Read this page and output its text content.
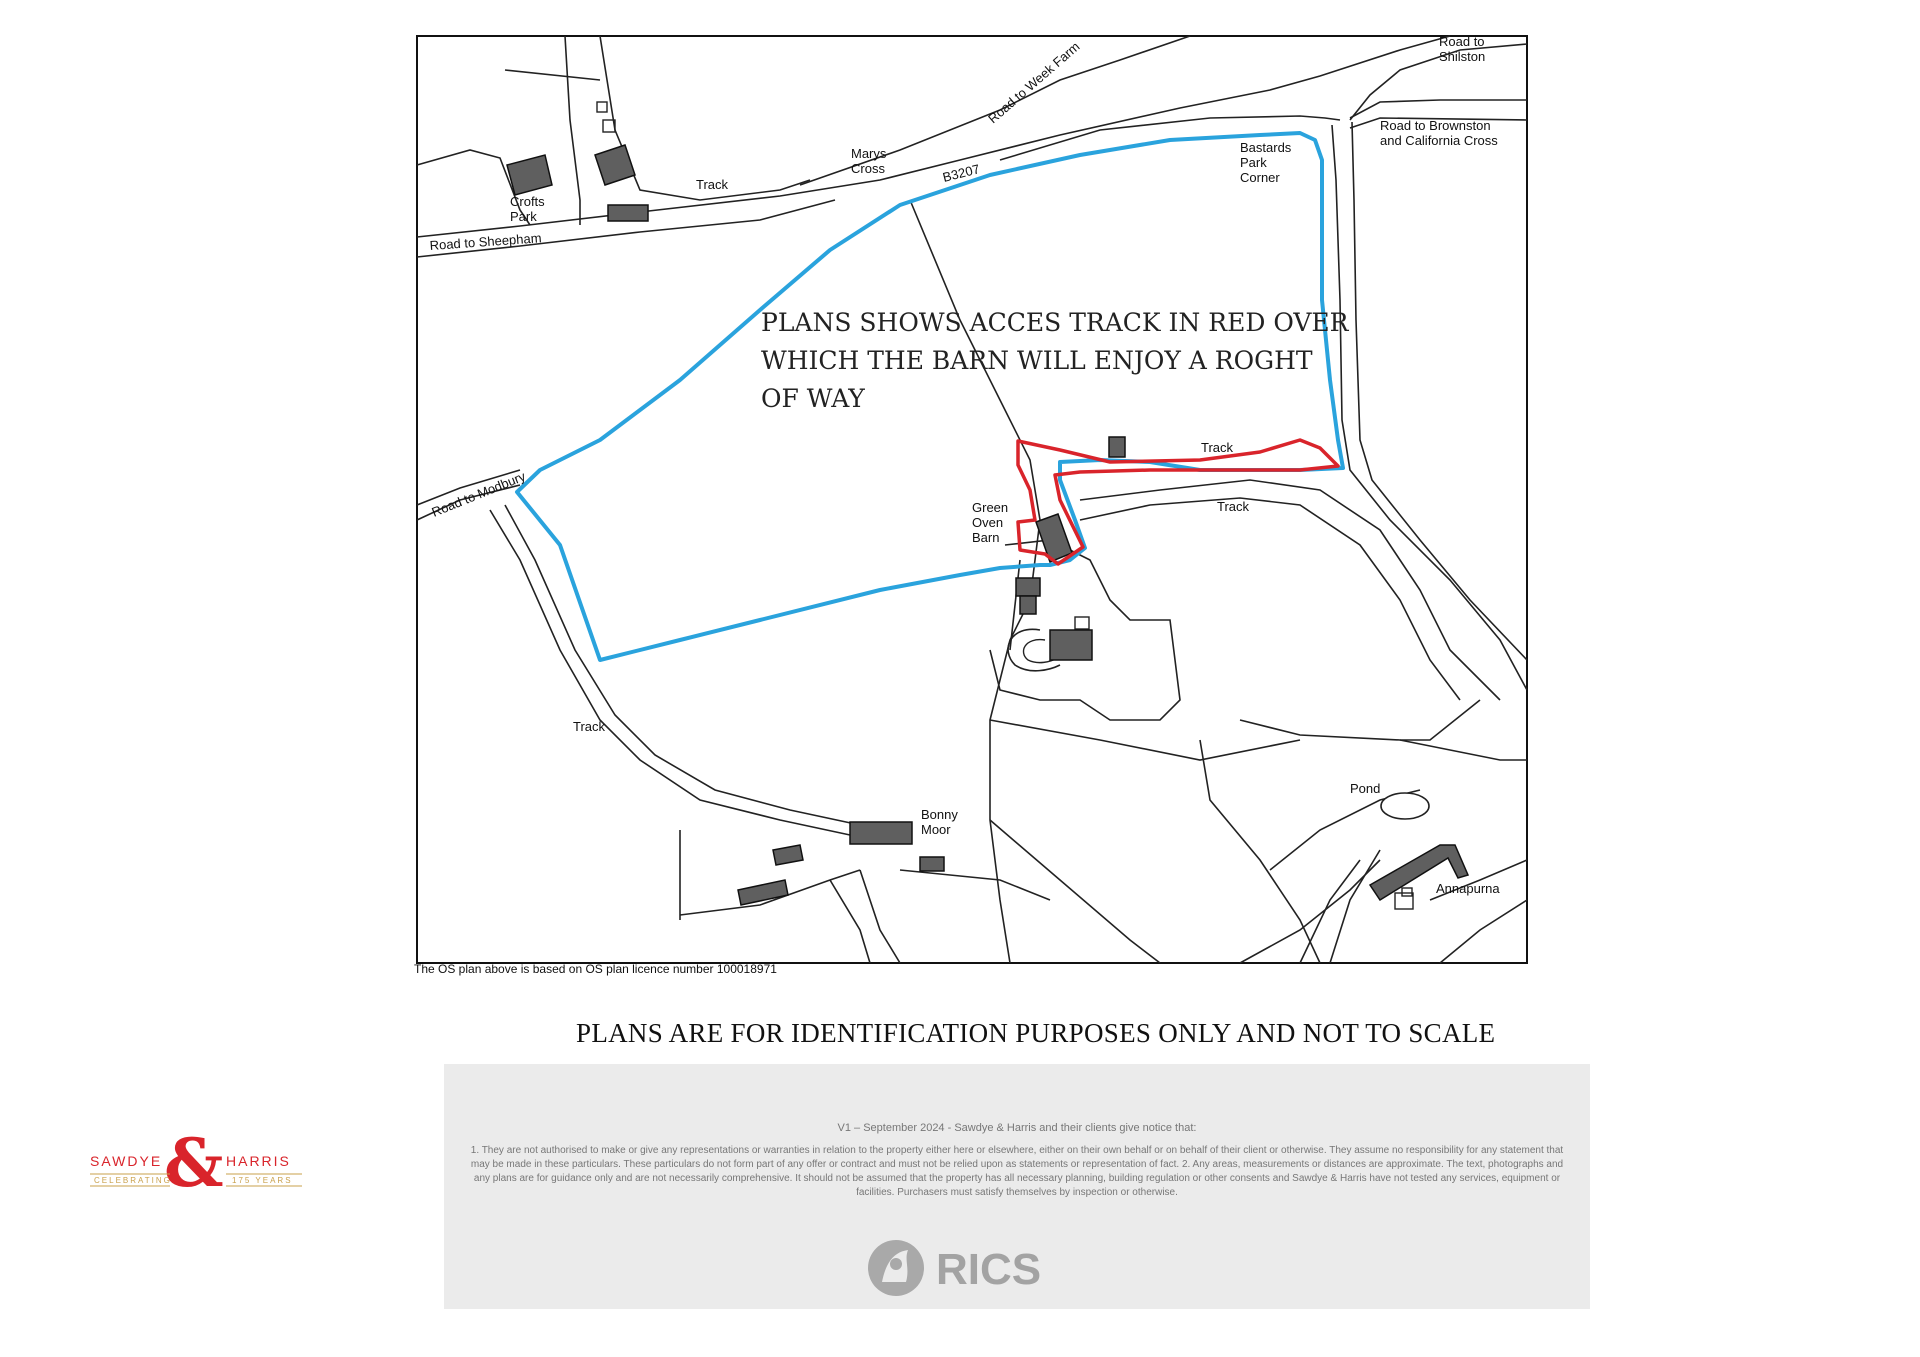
Road to Shilston
Road to Week Farm	Road to Brownston and California Cross
Road to Sheepham
B3207
Marys Cross
Track
Crofts Park
Bastards Park Corner
Road to Modbury
Track
Track
Green Oven Barn
Track
Bonny Moor
Pond
Annapurna
PLANS SHOWS ACCES TRACK IN RED OVER WHICH THE BARN WILL ENJOY A ROGHT OF WAY
The OS plan above is based on OS plan licence number 100018971
PLANS ARE FOR IDENTIFICATION PURPOSES ONLY AND NOT TO SCALE
V1 – September 2024 - Sawdye & Harris and their clients give notice that:
1. They are not authorised to make or give any representations or warranties in relation to the property either here or elsewhere, either on their own behalf or on behalf of their client or otherwise. They assume no responsibility for any statement that may be made in these particulars. These particulars do not form part of any offer or contract and must not be relied upon as statements or representation of fact. 2. Any areas, measurements or distances are approximate. The text, photographs and any plans are for guidance only and are not necessarily comprehensive. It should not be assumed that the property has all necessary planning, building regulation or other consents and Sawdye & Harris have not tested any services, equipment or facilities. Purchasers must satisfy themselves by inspection or otherwise.
RICS
SAWDYE & HARRIS
CELEBRATING	175 YEARS
